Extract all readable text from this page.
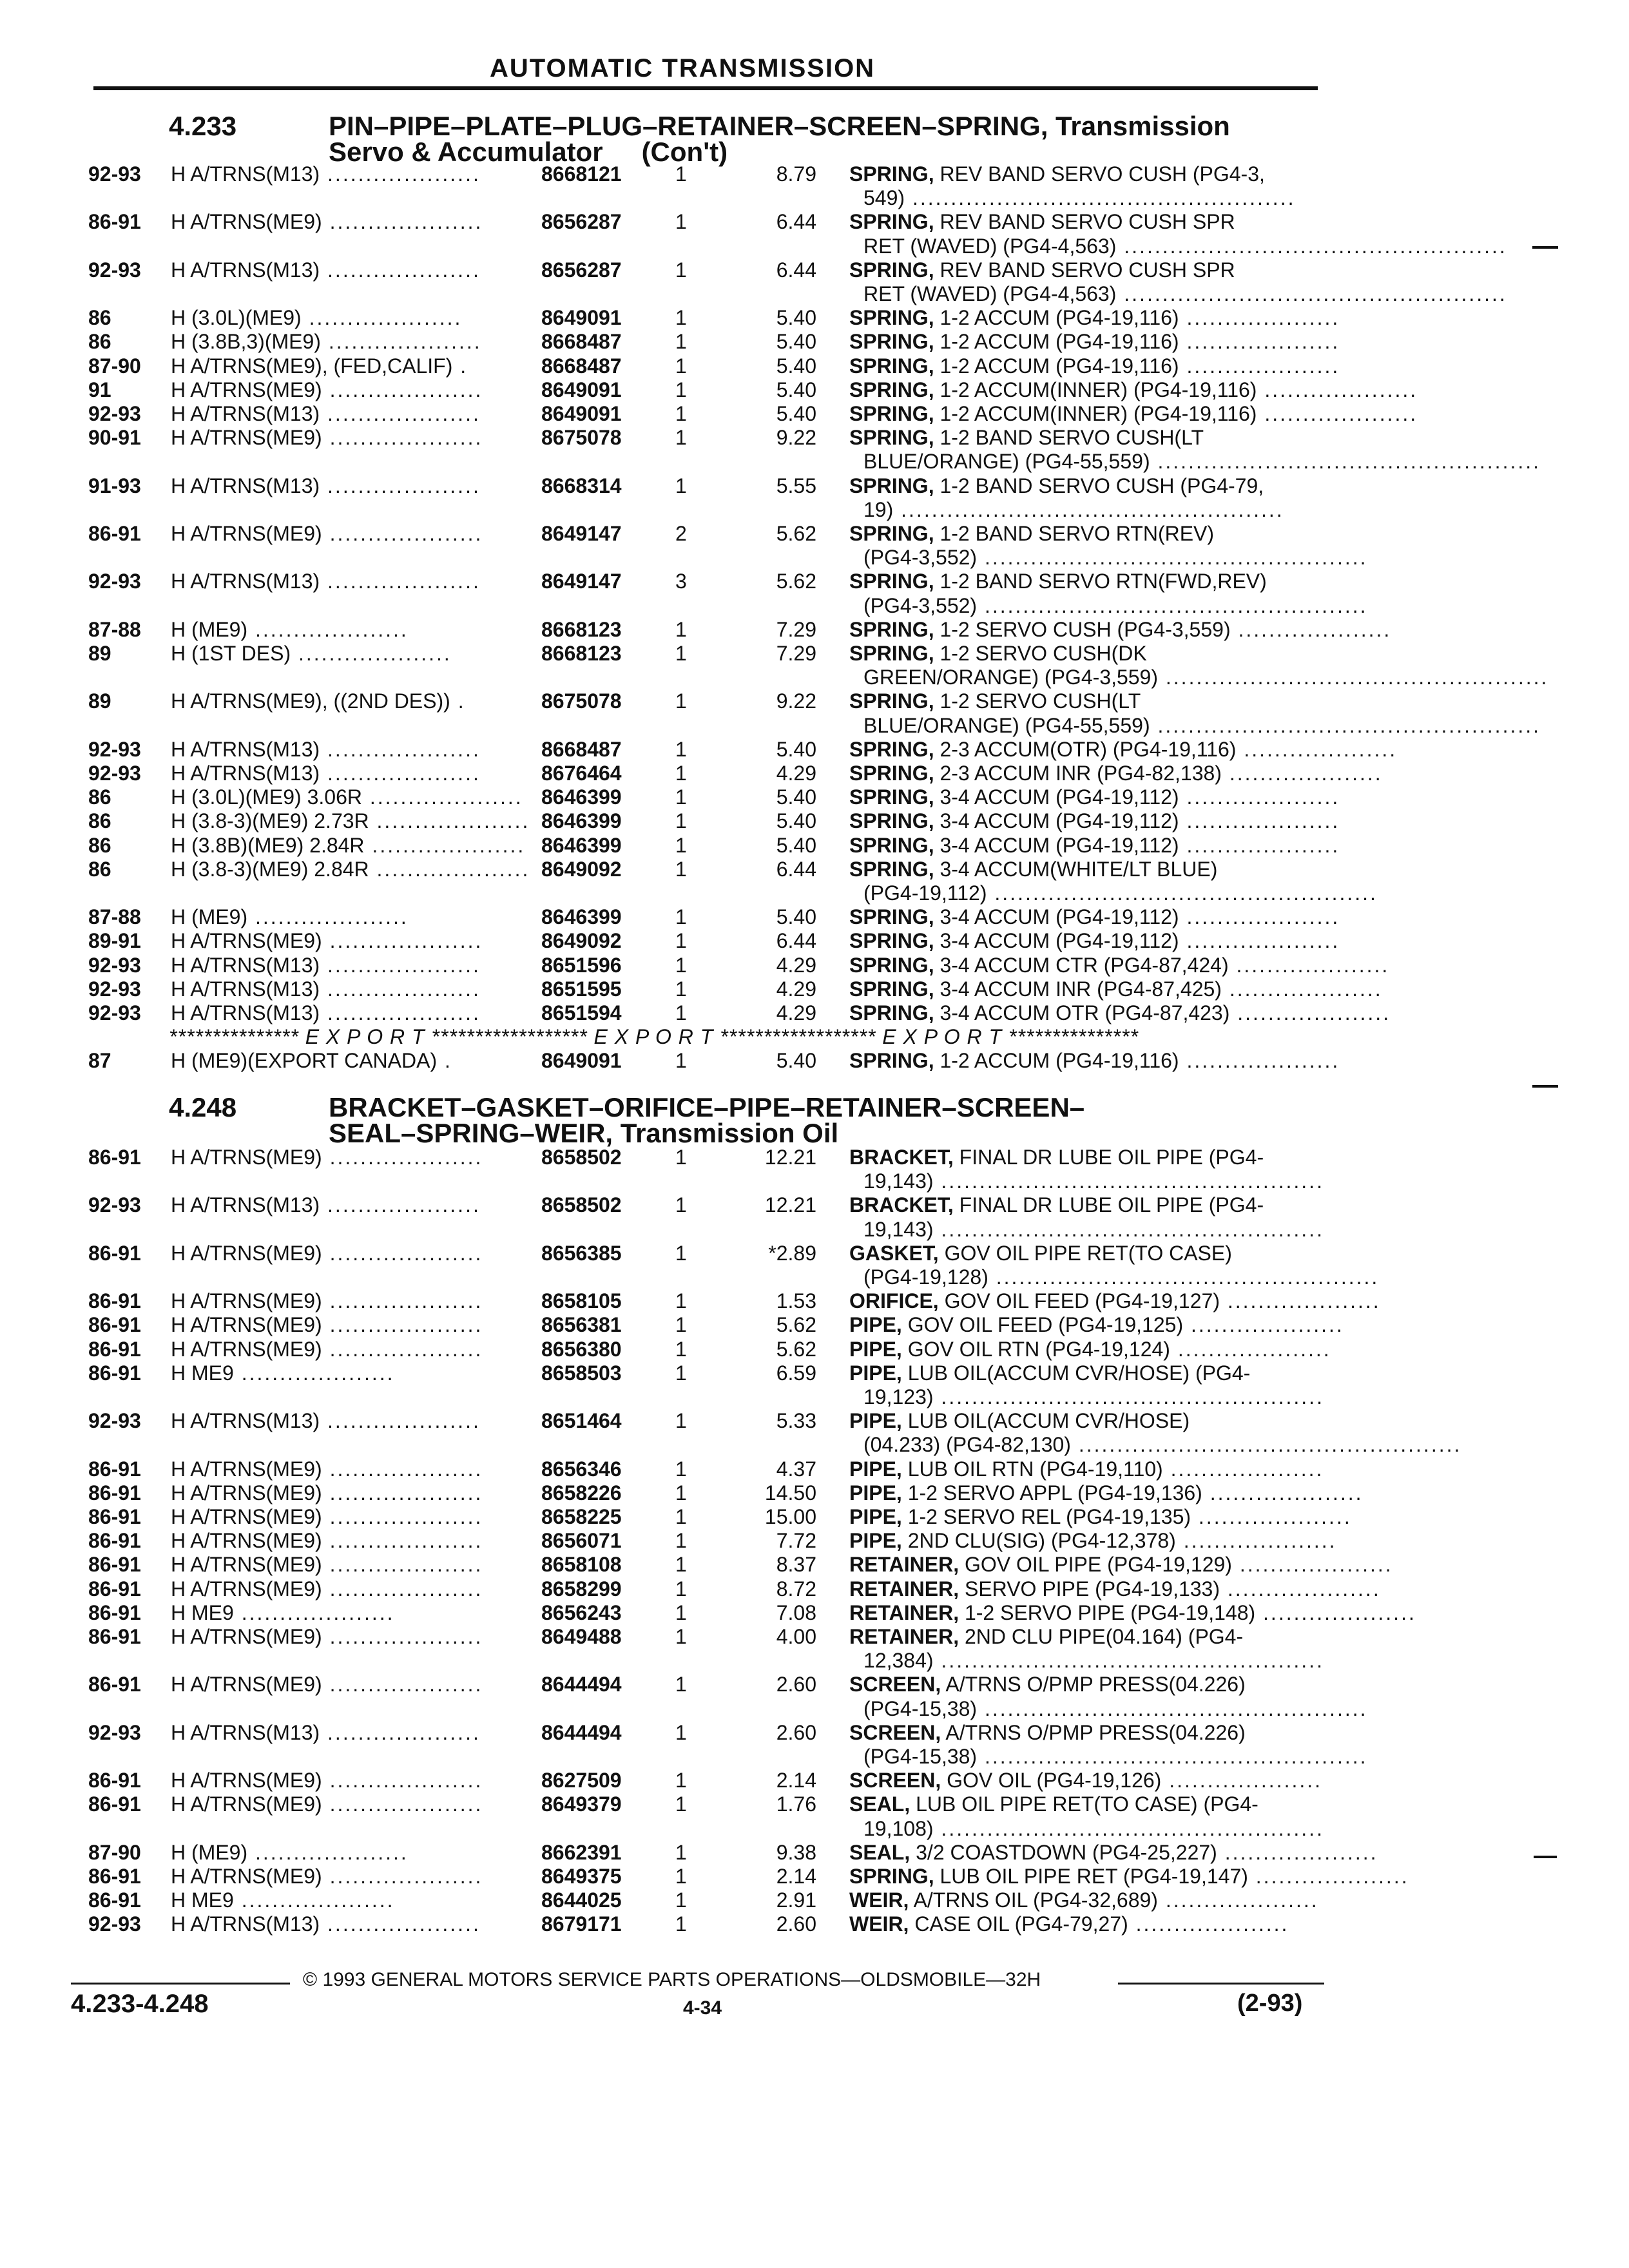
AUTOMATIC TRANSMISSION
4.233	PIN–PIPE–PLATE–PLUG–RETAINER–SCREEN–SPRING, Transmission
Servo & Accumulator (Con't)
92-93 H A/TRNS(M13) ....................	8668121	1	8.79 SPRING, REV BAND SERVO CUSH (PG4-3,
549) ..................................................
86-91 H A/TRNS(ME9) ....................	8656287	1	6.44 SPRING, REV BAND SERVO CUSH SPR
RET (WAVED) (PG4-4,563) ..................................................
92-93 H A/TRNS(M13) ....................	8656287	1	6.44 SPRING, REV BAND SERVO CUSH SPR
RET (WAVED) (PG4-4,563) ..................................................
86	H (3.0L)(ME9) ....................	8649091	1	5.40 SPRING, 1-2 ACCUM (PG4-19,116) ....................
86	H (3.8B,3)(ME9) ....................	8668487	1	5.40 SPRING, 1-2 ACCUM (PG4-19,116) ....................
87-90 H A/TRNS(ME9), (FED,CALIF) .	8668487	1	5.40 SPRING, 1-2 ACCUM (PG4-19,116) ....................
91	H A/TRNS(ME9) ....................	8649091	1	5.40 SPRING, 1-2 ACCUM(INNER) (PG4-19,116) ....................
92-93 H A/TRNS(M13) ....................	8649091	1	5.40 SPRING, 1-2 ACCUM(INNER) (PG4-19,116) ....................
90-91 H A/TRNS(ME9) ....................	8675078	1	9.22 SPRING, 1-2 BAND SERVO CUSH(LT
BLUE/ORANGE) (PG4-55,559) ..................................................
91-93 H A/TRNS(M13) ....................	8668314	1	5.55 SPRING, 1-2 BAND SERVO CUSH (PG4-79,
19) ..................................................
86-91 H A/TRNS(ME9) ....................	8649147	2	5.62 SPRING, 1-2 BAND SERVO RTN(REV)
(PG4-3,552) ..................................................
92-93 H A/TRNS(M13) ....................	8649147	3	5.62 SPRING, 1-2 BAND SERVO RTN(FWD,REV)
(PG4-3,552) ..................................................
87-88 H (ME9) ....................	8668123	1	7.29 SPRING, 1-2 SERVO CUSH (PG4-3,559) ....................
89	H (1ST DES) ....................	8668123	1	7.29 SPRING, 1-2 SERVO CUSH(DK
GREEN/ORANGE) (PG4-3,559) ..................................................
89	H A/TRNS(ME9), ((2ND DES)) .	8675078	1	9.22 SPRING, 1-2 SERVO CUSH(LT
BLUE/ORANGE) (PG4-55,559) ..................................................
92-93 H A/TRNS(M13) ....................	8668487	1	5.40 SPRING, 2-3 ACCUM(OTR) (PG4-19,116) ....................
92-93 H A/TRNS(M13) ....................	8676464	1	4.29 SPRING, 2-3 ACCUM INR (PG4-82,138) ....................
86	H (3.0L)(ME9) 3.06R .................... 8646399	1	5.40 SPRING, 3-4 ACCUM (PG4-19,112) ....................
86	H (3.8-3)(ME9) 2.73R .................... 8646399	1	5.40 SPRING, 3-4 ACCUM (PG4-19,112) ....................
86	H (3.8B)(ME9) 2.84R .................... 8646399	1	5.40 SPRING, 3-4 ACCUM (PG4-19,112) ....................
86	H (3.8-3)(ME9) 2.84R .................... 8649092	1	6.44 SPRING, 3-4 ACCUM(WHITE/LT BLUE)
(PG4-19,112) ..................................................
87-88 H (ME9) ....................	8646399	1	5.40 SPRING, 3-4 ACCUM (PG4-19,112) ....................
89-91 H A/TRNS(ME9) ....................	8649092	1	6.44 SPRING, 3-4 ACCUM (PG4-19,112) ....................
92-93 H A/TRNS(M13) ....................	8651596	1	4.29 SPRING, 3-4 ACCUM CTR (PG4-87,424) ....................
92-93 H A/TRNS(M13) ....................	8651595	1	4.29 SPRING, 3-4 ACCUM INR (PG4-87,425) ....................
92-93 H A/TRNS(M13) ....................	8651594	1	4.29 SPRING, 3-4 ACCUM OTR (PG4-87,423) ....................
*************** E X P O R T ****************** E X P O R T ****************** E X P O R T ***************
87	H (ME9)(EXPORT CANADA) .	8649091	1	5.40 SPRING, 1-2 ACCUM (PG4-19,116) ....................
4.248	BRACKET–GASKET–ORIFICE–PIPE–RETAINER–SCREEN–
SEAL–SPRING–WEIR, Transmission Oil
86-91 H A/TRNS(ME9) ....................	8658502	1	12.21 BRACKET, FINAL DR LUBE OIL PIPE (PG4-
19,143) ..................................................
92-93 H A/TRNS(M13) ....................	8658502	1	12.21 BRACKET, FINAL DR LUBE OIL PIPE (PG4-
19,143) ..................................................
86-91 H A/TRNS(ME9) ....................	8656385	1	*2.89 GASKET, GOV OIL PIPE RET(TO CASE)
(PG4-19,128) ..................................................
86-91 H A/TRNS(ME9) ....................	8658105	1	1.53 ORIFICE, GOV OIL FEED (PG4-19,127) ....................
86-91 H A/TRNS(ME9) ....................	8656381	1	5.62 PIPE, GOV OIL FEED (PG4-19,125) ....................
86-91 H A/TRNS(ME9) ....................	8656380	1	5.62 PIPE, GOV OIL RTN (PG4-19,124) ....................
86-91 H ME9 ....................	8658503	1	6.59 PIPE, LUB OIL(ACCUM CVR/HOSE) (PG4-
19,123) ..................................................
92-93 H A/TRNS(M13) ....................	8651464	1	5.33 PIPE, LUB OIL(ACCUM CVR/HOSE)
(04.233) (PG4-82,130) ..................................................
86-91 H A/TRNS(ME9) ....................	8656346	1	4.37 PIPE, LUB OIL RTN (PG4-19,110) ....................
86-91 H A/TRNS(ME9) ....................	8658226	1	14.50 PIPE, 1-2 SERVO APPL (PG4-19,136) ....................
86-91 H A/TRNS(ME9) ....................	8658225	1	15.00 PIPE, 1-2 SERVO REL (PG4-19,135) ....................
86-91 H A/TRNS(ME9) ....................	8656071	1	7.72 PIPE, 2ND CLU(SIG) (PG4-12,378) ....................
86-91 H A/TRNS(ME9) ....................	8658108	1	8.37 RETAINER, GOV OIL PIPE (PG4-19,129) ....................
86-91 H A/TRNS(ME9) ....................	8658299	1	8.72 RETAINER, SERVO PIPE (PG4-19,133) ....................
86-91 H ME9 ....................	8656243	1	7.08 RETAINER, 1-2 SERVO PIPE (PG4-19,148) ....................
86-91 H A/TRNS(ME9) ....................	8649488	1	4.00 RETAINER, 2ND CLU PIPE(04.164) (PG4-
12,384) ..................................................
86-91 H A/TRNS(ME9) ....................	8644494	1	2.60 SCREEN, A/TRNS O/PMP PRESS(04.226)
(PG4-15,38) ..................................................
92-93 H A/TRNS(M13) ....................	8644494	1	2.60 SCREEN, A/TRNS O/PMP PRESS(04.226)
(PG4-15,38) ..................................................
86-91 H A/TRNS(ME9) ....................	8627509	1	2.14 SCREEN, GOV OIL (PG4-19,126) ....................
86-91 H A/TRNS(ME9) ....................	8649379	1	1.76 SEAL, LUB OIL PIPE RET(TO CASE) (PG4-
19,108) ..................................................
87-90 H (ME9) ....................	8662391	1	9.38 SEAL, 3/2 COASTDOWN (PG4-25,227) ....................
86-91 H A/TRNS(ME9) ....................	8649375	1	2.14 SPRING, LUB OIL PIPE RET (PG4-19,147) ....................
86-91 H ME9 ....................	8644025	1	2.91 WEIR, A/TRNS OIL (PG4-32,689) ....................
92-93 H A/TRNS(M13) ....................	8679171	1	2.60 WEIR, CASE OIL (PG4-79,27) ....................
© 1993 GENERAL MOTORS SERVICE PARTS OPERATIONS—OLDSMOBILE—32H
4.233-4.248	4-34	(2-93)
